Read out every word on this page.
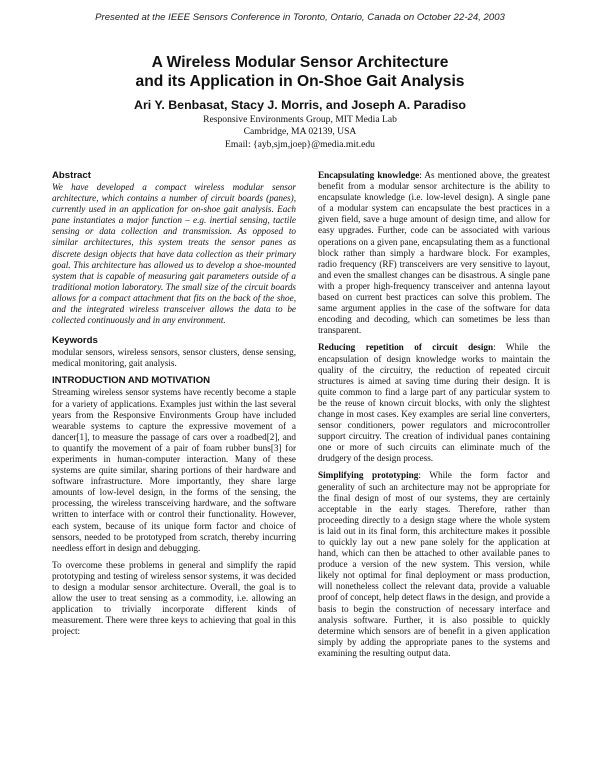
Presented at the IEEE Sensors Conference in Toronto, Ontario, Canada on October 22-24, 2003
A Wireless Modular Sensor Architecture
and its Application in On-Shoe Gait Analysis
Ari Y. Benbasat, Stacy J. Morris, and Joseph A. Paradiso
Responsive Environments Group, MIT Media Lab
Cambridge, MA 02139, USA
Email: {ayb,sjm,joep}@media.mit.edu
Abstract

We have developed a compact wireless modular sensor architecture, which contains a number of circuit boards (panes), currently used in an application for on-shoe gait analysis. Each pane instantiates a major function – e.g. inertial sensing, tactile sensing or data collection and transmission. As opposed to similar architectures, this system treats the sensor panes as discrete design objects that have data collection as their primary goal. This architecture has allowed us to develop a shoe-mounted system that is capable of measuring gait parameters outside of a traditional motion laboratory. The small size of the circuit boards allows for a compact attachment that fits on the back of the shoe, and the integrated wireless transceiver allows the data to be collected continuously and in any environment.

Keywords

modular sensors, wireless sensors, sensor clusters, dense sensing, medical monitoring, gait analysis.

INTRODUCTION AND MOTIVATION

Streaming wireless sensor systems have recently become a staple for a variety of applications. Examples just within the last several years from the Responsive Environments Group have included wearable systems to capture the expressive movement of a dancer[1], to measure the passage of cars over a roadbed[2], and to quantify the movement of a pair of foam rubber buns[3] for experiments in human-computer interaction. Many of these systems are quite similar, sharing portions of their hardware and software infrastructure. More importantly, they share large amounts of low-level design, in the forms of the sensing, the processing, the wireless transceiving hardware, and the software written to interface with or control their functionality. However, each system, because of its unique form factor and choice of sensors, needed to be prototyped from scratch, thereby incurring needless effort in design and debugging.

To overcome these problems in general and simplify the rapid prototyping and testing of wireless sensor systems, it was decided to design a modular sensor architecture. Overall, the goal is to allow the user to treat sensing as a commodity, i.e. allowing an application to trivially incorporate different kinds of measurement. There were three keys to achieving that goal in this project:

Encapsulating knowledge: As mentioned above, the greatest benefit from a modular sensor architecture is the ability to encapsulate knowledge (i.e. low-level design). A single pane of a modular system can encapsulate the best practices in a given field, save a huge amount of design time, and allow for easy upgrades. Further, code can be associated with various operations on a given pane, encapsulating them as a functional block rather than simply a hardware block. For examples, radio frequency (RF) transceivers are very sensitive to layout, and even the smallest changes can be disastrous. A single pane with a proper high-frequency transceiver and antenna layout based on current best practices can solve this problem. The same argument applies in the case of the software for data encoding and decoding, which can sometimes be less than transparent.

Reducing repetition of circuit design: While the encapsulation of design knowledge works to maintain the quality of the circuitry, the reduction of repeated circuit structures is aimed at saving time during their design. It is quite common to find a large part of any particular system to be the reuse of known circuit blocks, with only the slightest change in most cases. Key examples are serial line converters, sensor conditioners, power regulators and microcontroller support circuitry. The creation of individual panes containing one or more of such circuits can eliminate much of the drudgery of the design process.

Simplifying prototyping: While the form factor and generality of such an architecture may not be appropriate for the final design of most of our systems, they are certainly acceptable in the early stages. Therefore, rather than proceeding directly to a design stage where the whole system is laid out in its final form, this architecture makes it possible to quickly lay out a new pane solely for the application at hand, which can then be attached to other available panes to produce a version of the new system. This version, while likely not optimal for final deployment or mass production, will nonetheless collect the relevant data, provide a valuable proof of concept, help detect flaws in the design, and provide a basis to begin the construction of necessary interface and analysis software. Further, it is also possible to quickly determine which sensors are of benefit in a given application simply by adding the appropriate panes to the systems and examining the resulting output data.
